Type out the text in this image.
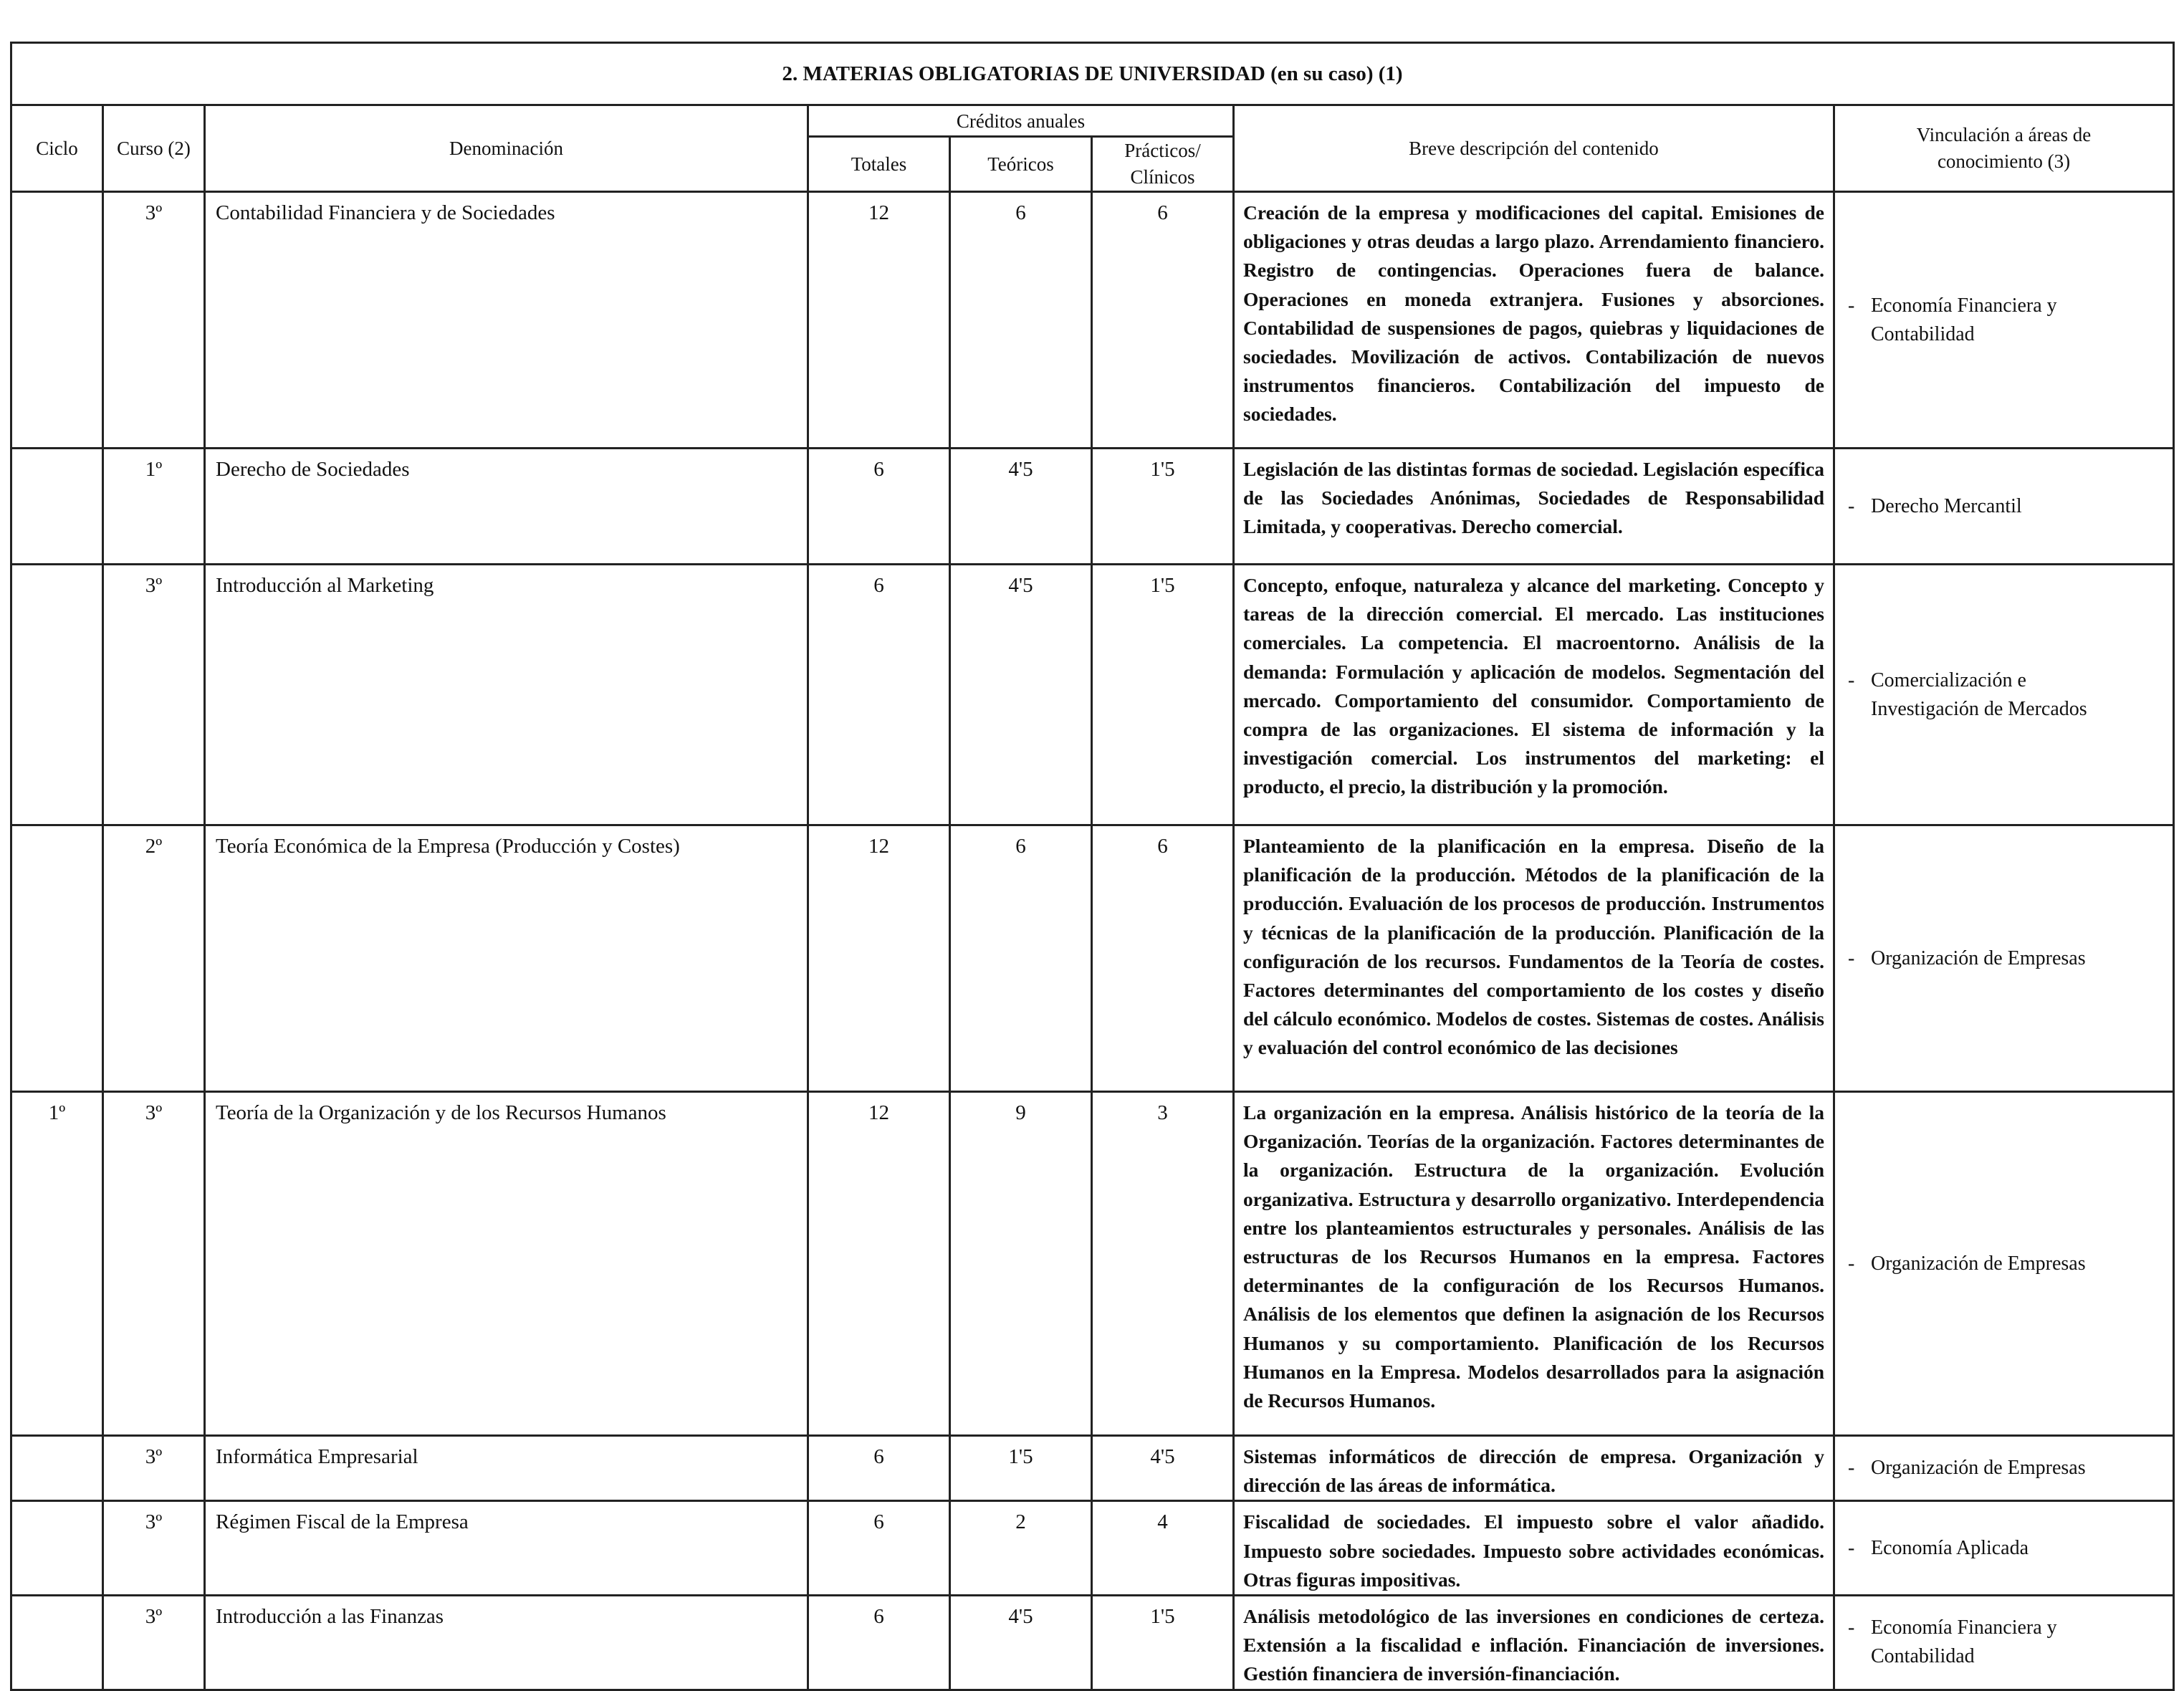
2. MATERIAS OBLIGATORIAS DE UNIVERSIDAD (en su caso) (1)							
Ciclo	Curso (2)	Denominación	Créditos anuales			Breve descripción del contenido	Vinculación a áreas de conocimiento (3)
			Totales	Teóricos	Prácticos/ Clínicos		
	3º	Contabilidad Financiera y de Sociedades	12	6	6	Creación de la empresa y modificaciones del capital. Emisiones de obligaciones y otras deudas a largo plazo. Arrendamiento financiero. Registro de contingencias. Operaciones fuera de balance. Operaciones en moneda extranjera. Fusiones y absorciones. Contabilidad de suspensiones de pagos, quiebras y liquidaciones de sociedades. Movilización de activos. Contabilización de nuevos instrumentos financieros. Contabilización del impuesto de sociedades.	- Economía Financiera y
Contabilidad

	1º	Derecho de Sociedades	6	4'5	1'5	Legislación de las distintas formas de sociedad. Legislación específica de las Sociedades Anónimas, Sociedades de Responsabilidad Limitada, y cooperativas. Derecho comercial.	- Derecho Mercantil

	3º	Introducción al Marketing	6	4'5	1'5	Concepto, enfoque, naturaleza y alcance del marketing. Concepto y tareas de la dirección comercial. El mercado. Las instituciones comerciales. La competencia. El macroentorno. Análisis de la demanda: Formulación y aplicación de modelos. Segmentación del mercado. Comportamiento del consumidor. Comportamiento de compra de las organizaciones. El sistema de información y la investigación comercial. Los instrumentos del marketing: el producto, el precio, la distribución y la promoción.	- Comercialización e
Investigación de Mercados

	2º	Teoría Económica de la Empresa (Producción y Costes)	12	6	6	Planteamiento de la planificación en la empresa. Diseño de la planificación de la producción. Métodos de la planificación de la producción. Evaluación de los procesos de producción. Instrumentos y técnicas de la planificación de la producción. Planificación de la configuración de los recursos. Fundamentos de la Teoría de costes. Factores determinantes del comportamiento de los costes y diseño del cálculo económico. Modelos de costes. Sistemas de costes. Análisis y evaluación del control económico de las decisiones	- Organización de Empresas

1º	3º	Teoría de la Organización y de los Recursos Humanos	12	9	3	La organización en la empresa. Análisis histórico de la teoría de la Organización. Teorías de la organización. Factores determinantes de la organización. Estructura de la organización. Evolución organizativa. Estructura y desarrollo organizativo. Interdependencia entre los planteamientos estructurales y personales. Análisis de las estructuras de los Recursos Humanos en la empresa. Factores determinantes de la configuración de los Recursos Humanos. Análisis de los elementos que definen la asignación de los Recursos Humanos y su comportamiento. Planificación de los Recursos Humanos en la Empresa. Modelos desarrollados para la asignación de Recursos Humanos.	- Organización de Empresas

	3º	Informática Empresarial	6	1'5	4'5	Sistemas informáticos de dirección de empresa. Organización y dirección de las áreas de informática.	- Organización de Empresas

	3º	Régimen Fiscal de la Empresa	6	2	4	Fiscalidad de sociedades. El impuesto sobre el valor añadido. Impuesto sobre sociedades. Impuesto sobre actividades económicas. Otras figuras impositivas.	- Economía Aplicada

	3º	Introducción a las Finanzas	6	4'5	1'5	Análisis metodológico de las inversiones en condiciones de certeza. Extensión a la fiscalidad e inflación. Financiación de inversiones. Gestión financiera de inversión-financiación.	- Economía Financiera y
Contabilidad
